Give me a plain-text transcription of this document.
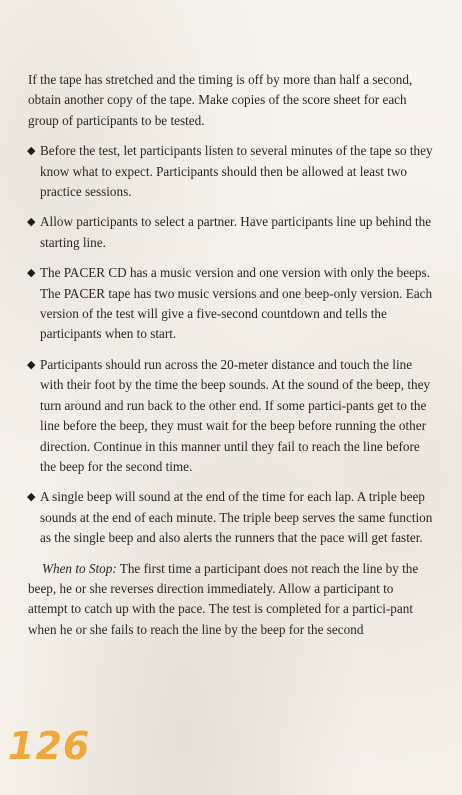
If the tape has stretched and the timing is off by more than half a second, obtain another copy of the tape. Make copies of the score sheet for each group of participants to be tested.

◆ Before the test, let participants listen to several minutes of the tape so they know what to expect. Participants should then be allowed at least two practice sessions.

◆ Allow participants to select a partner. Have participants line up behind the starting line.

◆ The PACER CD has a music version and one version with only the beeps. The PACER tape has two music versions and one beep-only version. Each version of the test will give a five-second countdown and tells the participants when to start.

◆ Participants should run across the 20-meter distance and touch the line with their foot by the time the beep sounds. At the sound of the beep, they turn around and run back to the other end. If some partici-pants get to the line before the beep, they must wait for the beep before running the other direction. Continue in this manner until they fail to reach the line before the beep for the second time.

◆ A single beep will sound at the end of the time for each lap. A triple beep sounds at the end of each minute. The triple beep serves the same function as the single beep and also alerts the runners that the pace will get faster.

When to Stop: The first time a participant does not reach the line by the beep, he or she reverses direction immediately. Allow a participant to attempt to catch up with the pace. The test is completed for a partici-pant when he or she fails to reach the line by the beep for the second

126
